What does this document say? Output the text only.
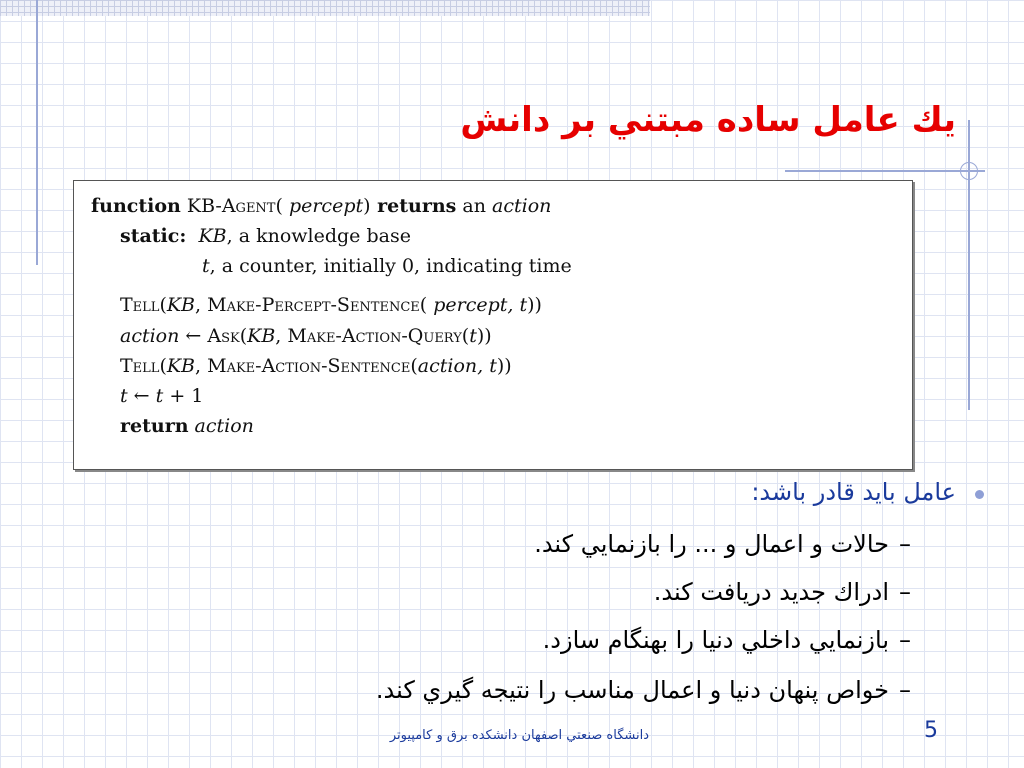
يك عامل ساده مبتني بر دانش
function KB-Agent( percept) returns an action
static: KB, a knowledge base
t, a counter, initially 0, indicating time
Tell(KB, Make-Percept-Sentence( percept, t))
action ← Ask(KB, Make-Action-Query(t))
Tell(KB, Make-Action-Sentence(action, t))
t ← t + 1
return action
عامل بايد قادر باشد:
–حالات و اعمال و ... را بازنمايي كند.
–ادراك جديد دريافت كند.
–بازنمايي داخلي دنيا را بهنگام سازد.
–خواص پنهان دنيا و اعمال مناسب را نتيجه گيري كند.
دانشگاه صنعتي اصفهان دانشكده برق و كامپيوتر	5
